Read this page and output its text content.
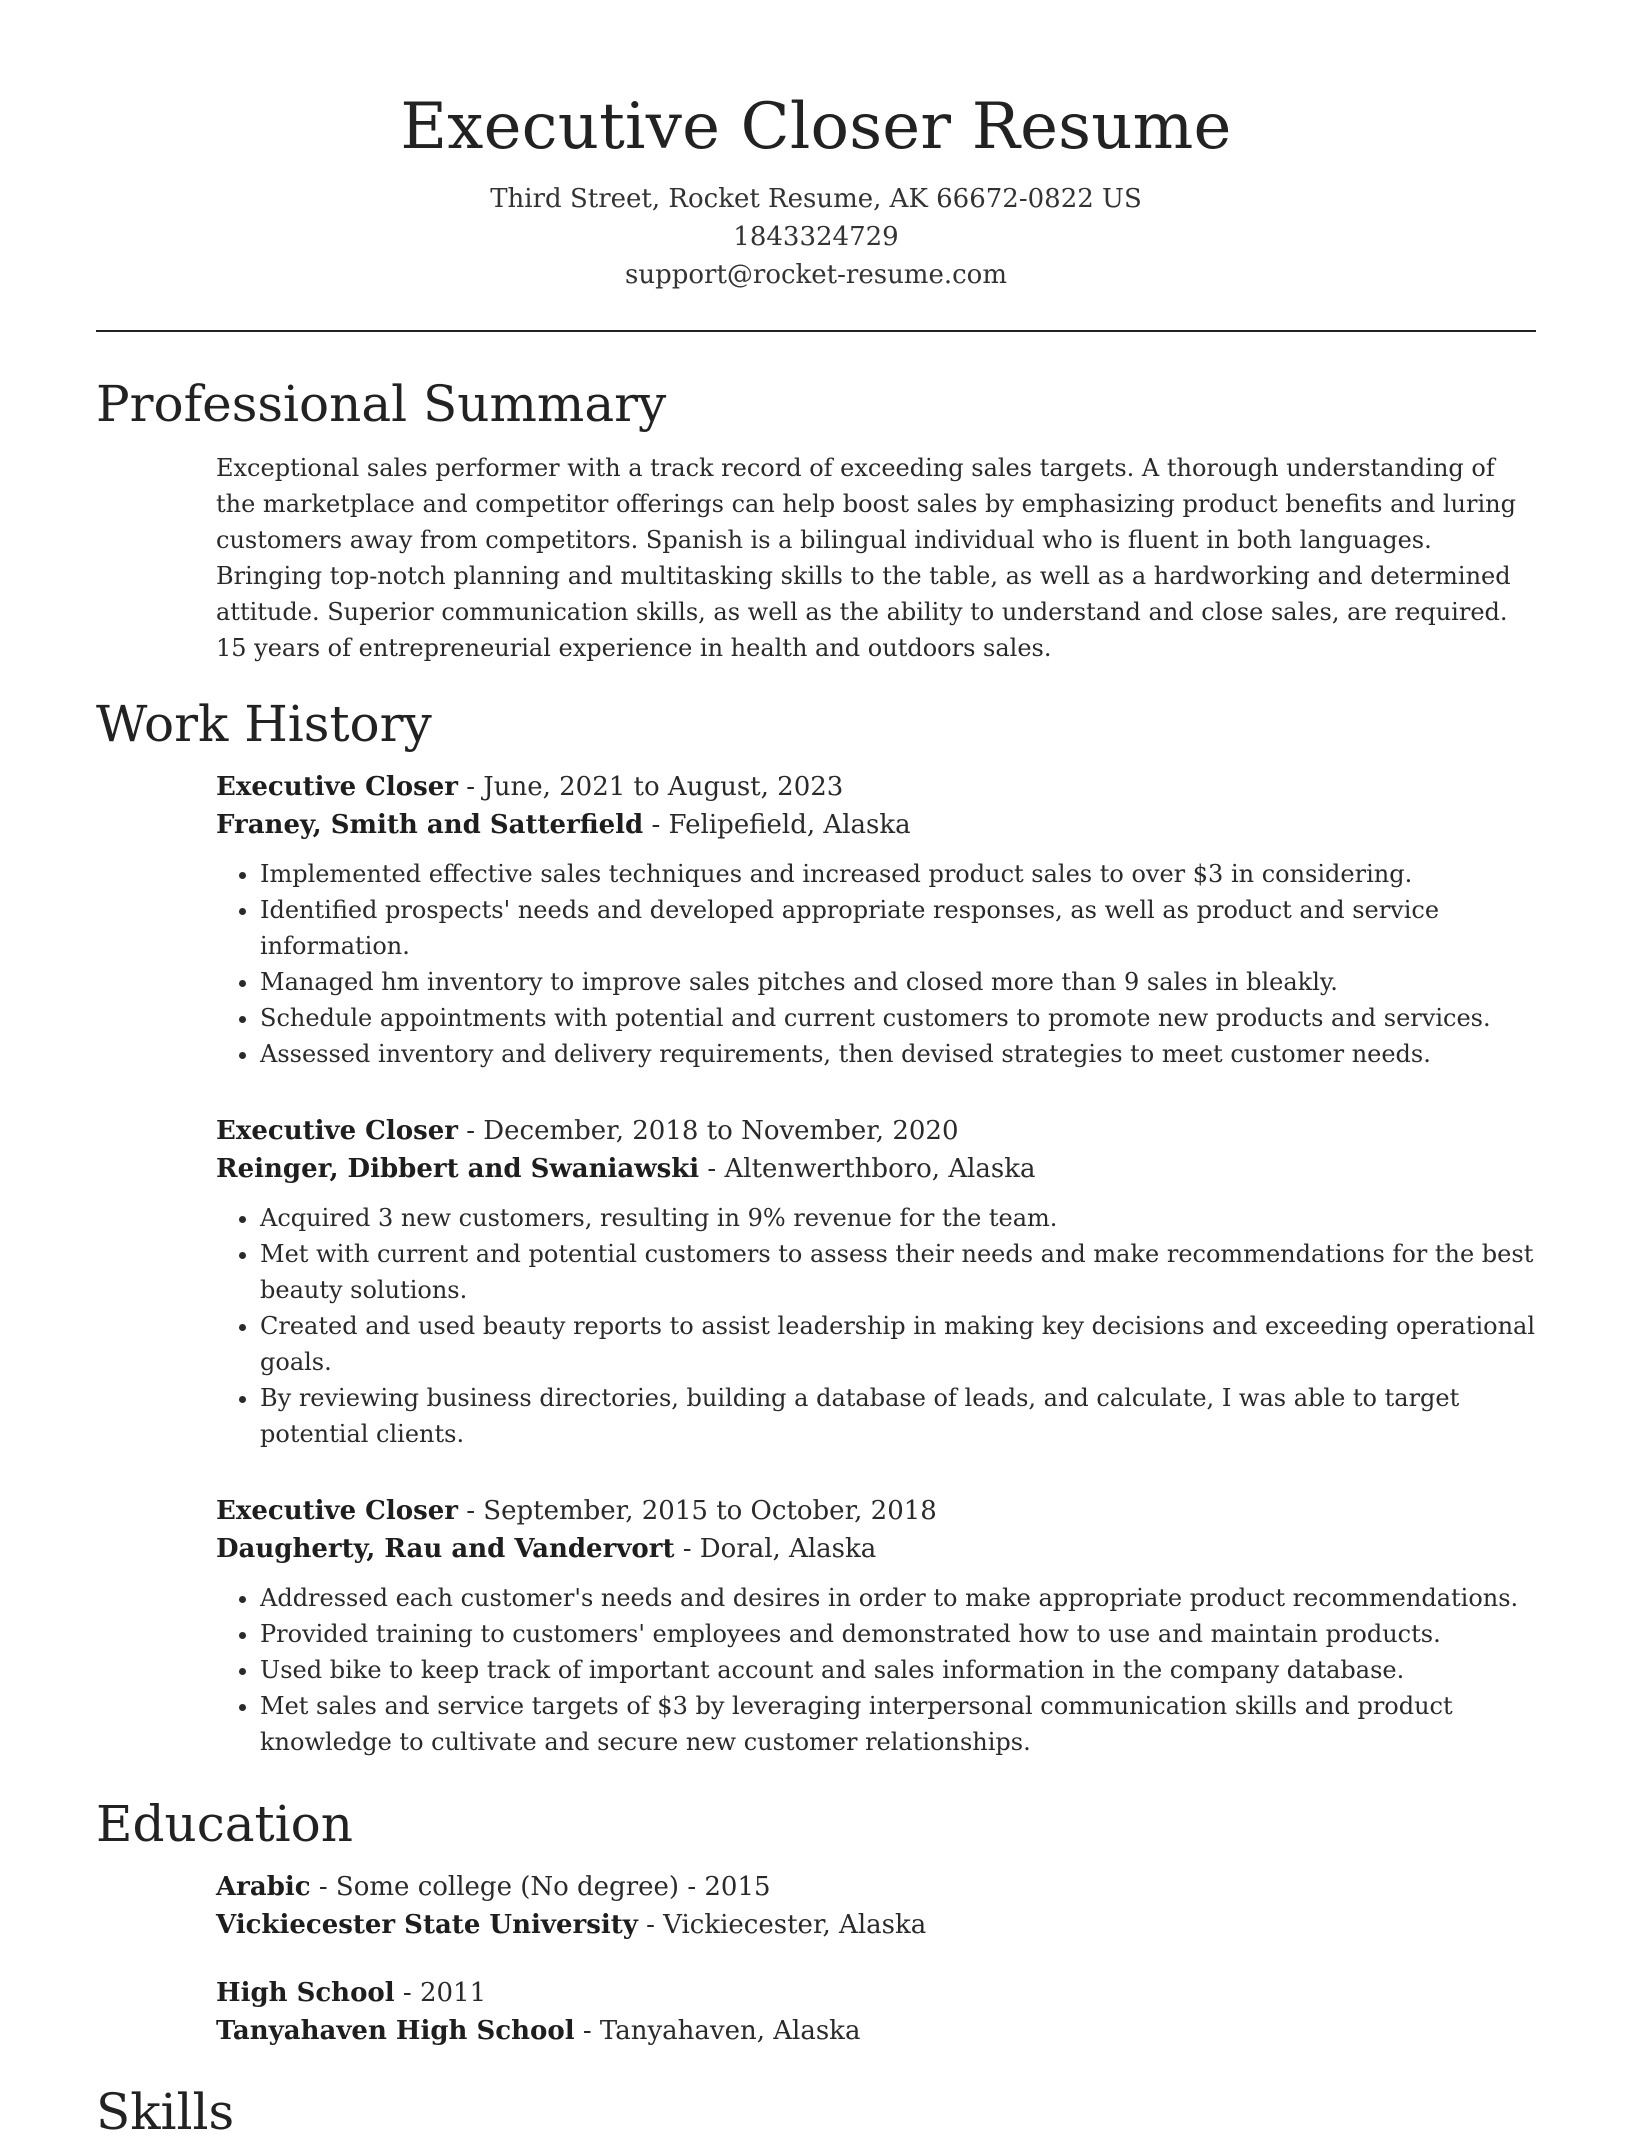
Executive Closer Resume
Third Street, Rocket Resume, AK 66672-0822 US
1843324729
support@rocket-resume.com
Professional Summary

Exceptional sales performer with a track record of exceeding sales targets. A thorough understanding of the marketplace and competitor offerings can help boost sales by emphasizing product benefits and luring customers away from competitors. Spanish is a bilingual individual who is fluent in both languages. Bringing top-notch planning and multitasking skills to the table, as well as a hardworking and determined attitude. Superior communication skills, as well as the ability to understand and close sales, are required. 15 years of entrepreneurial experience in health and outdoors sales.

Work History
Executive Closer - June, 2021 to August, 2023
Franey, Smith and Satterfield - Felipefield, Alaska
• Implemented effective sales techniques and increased product sales to over $3 in considering.
• Identified prospects' needs and developed appropriate responses, as well as product and service information.
• Managed hm inventory to improve sales pitches and closed more than 9 sales in bleakly.
• Schedule appointments with potential and current customers to promote new products and services.
• Assessed inventory and delivery requirements, then devised strategies to meet customer needs.
Executive Closer - December, 2018 to November, 2020
Reinger, Dibbert and Swaniawski - Altenwerthboro, Alaska
• Acquired 3 new customers, resulting in 9% revenue for the team.
• Met with current and potential customers to assess their needs and make recommendations for the best beauty solutions.
• Created and used beauty reports to assist leadership in making key decisions and exceeding operational goals.
• By reviewing business directories, building a database of leads, and calculate, I was able to target potential clients.
Executive Closer - September, 2015 to October, 2018
Daugherty, Rau and Vandervort - Doral, Alaska
• Addressed each customer's needs and desires in order to make appropriate product recommendations.
• Provided training to customers' employees and demonstrated how to use and maintain products.
• Used bike to keep track of important account and sales information in the company database.
• Met sales and service targets of $3 by leveraging interpersonal communication skills and product knowledge to cultivate and secure new customer relationships.
Education
Arabic - Some college (No degree) - 2015
Vickiecester State University - Vickiecester, Alaska
High School - 2011
Tanyahaven High School - Tanyahaven, Alaska
Skills
